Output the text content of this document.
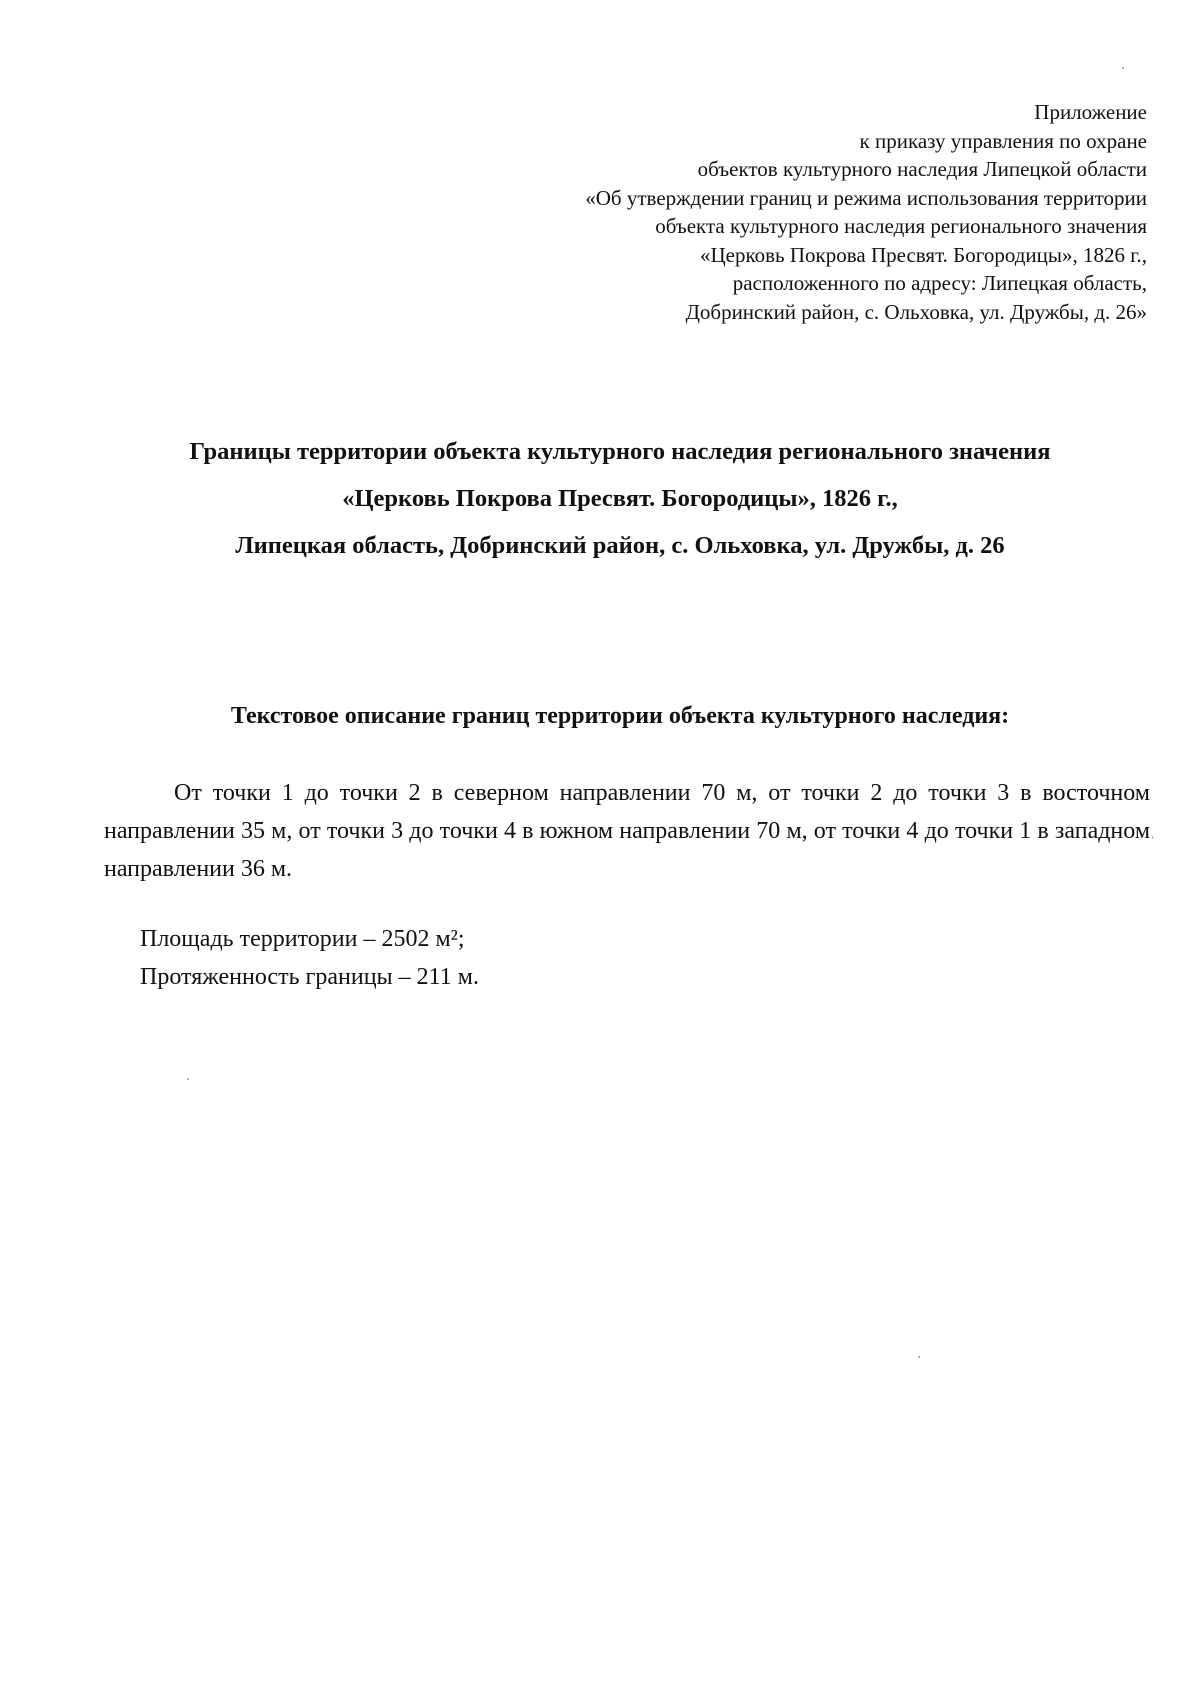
Приложение
к приказу управления по охране
объектов культурного наследия Липецкой области
«Об утверждении границ и режима использования территории
объекта культурного наследия регионального значения
«Церковь Покрова Пресвят. Богородицы», 1826 г.,
расположенного по адресу: Липецкая область,
Добринский район, с. Ольховка, ул. Дружбы, д. 26»
Границы территории объекта культурного наследия регионального значения
«Церковь Покрова Пресвят. Богородицы», 1826 г.,
Липецкая область, Добринский район, с. Ольховка, ул. Дружбы, д. 26
Текстовое описание границ территории объекта культурного наследия:

От точки 1 до точки 2 в северном направлении 70 м, от точки 2 до точки 3 в восточном направлении 35 м, от точки 3 до точки 4 в южном направлении 70 м, от точки 4 до точки 1 в западном направлении 36 м.

Площадь территории – 2502 м²;
Протяженность границы – 211 м.
